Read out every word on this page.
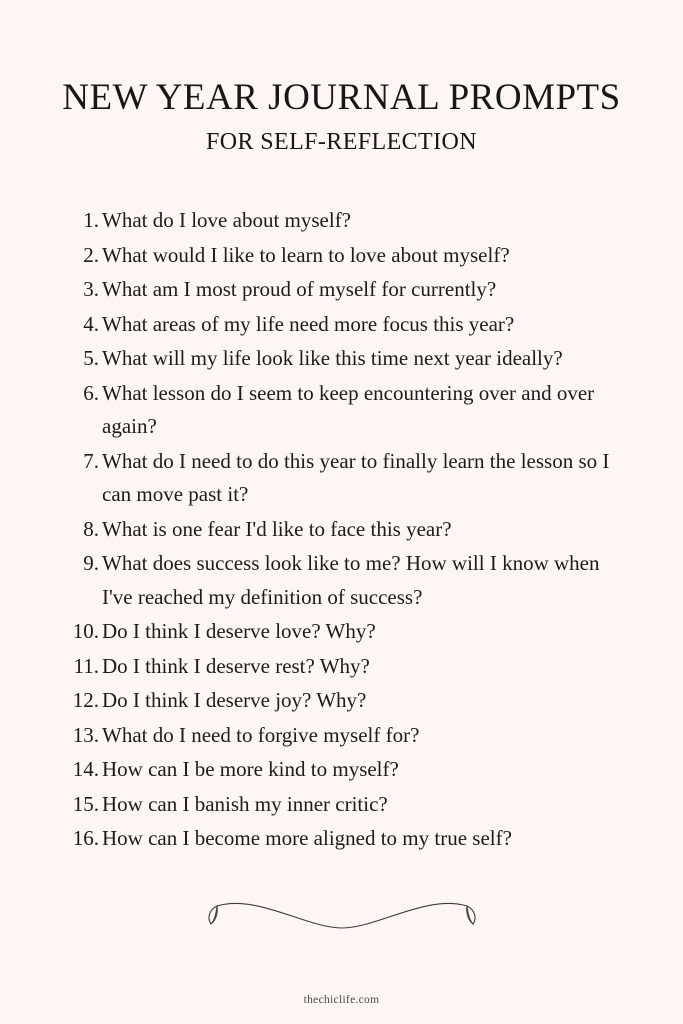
NEW YEAR JOURNAL PROMPTS
FOR SELF-REFLECTION
1. What do I love about myself?
2. What would I like to learn to love about myself?
3. What am I most proud of myself for currently?
4. What areas of my life need more focus this year?
5. What will my life look like this time next year ideally?
6. What lesson do I seem to keep encountering over and over again?
7. What do I need to do this year to finally learn the lesson so I can move past it?
8. What is one fear I'd like to face this year?
9. What does success look like to me? How will I know when I've reached my definition of success?
10. Do I think I deserve love? Why?
11. Do I think I deserve rest? Why?
12. Do I think I deserve joy? Why?
13. What do I need to forgive myself for?
14. How can I be more kind to myself?
15. How can I banish my inner critic?
16. How can I become more aligned to my true self?
thechiclife.com
